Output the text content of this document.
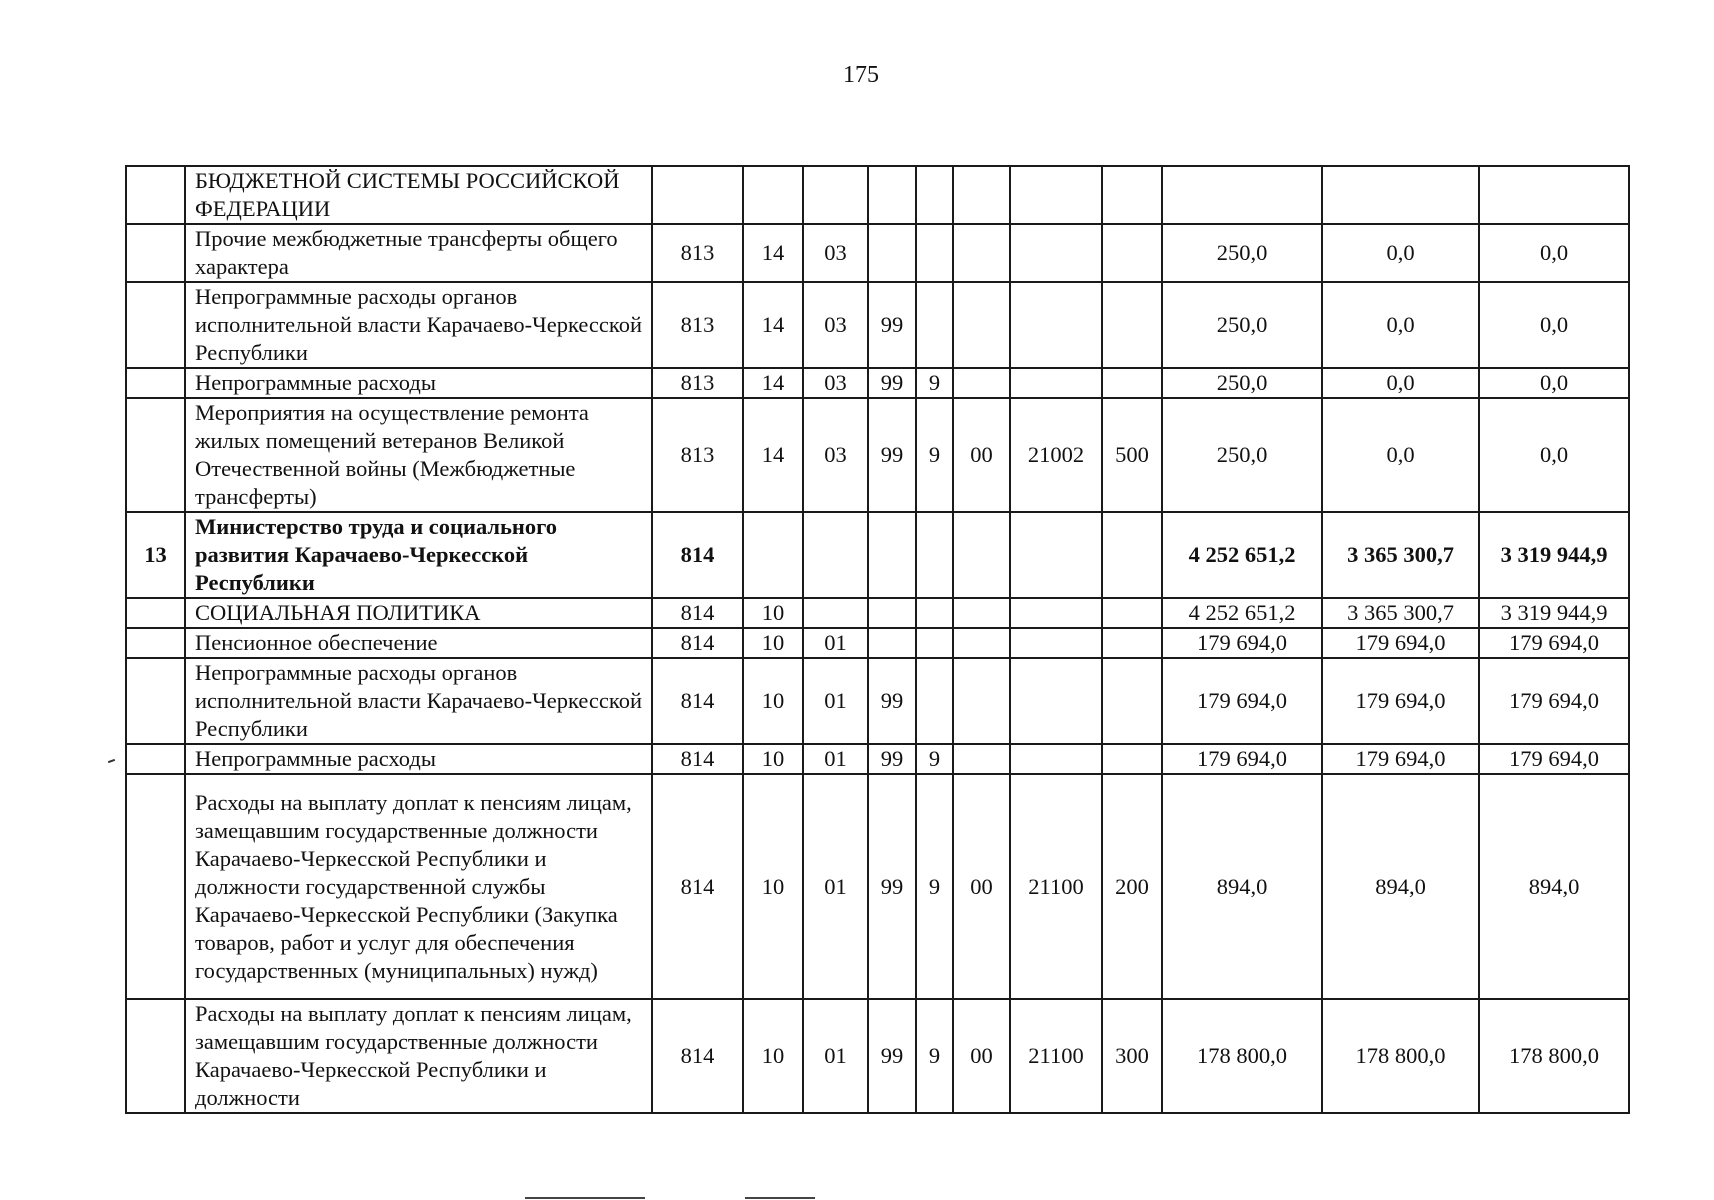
175
	БЮДЖЕТНОЙ СИСТЕМЫ РОССИЙСКОЙ ФЕДЕРАЦИИ											
	Прочие межбюджетные трансферты общего характера	813	14	03						250,0	0,0	0,0
	Непрограммные расходы органов исполнительной власти Карачаево-Черкесской Республики	813	14	03	99					250,0	0,0	0,0
	Непрограммные расходы	813	14	03	99	9				250,0	0,0	0,0
	Мероприятия на осуществление ремонта жилых помещений ветеранов Великой Отечественной войны (Межбюджетные трансферты)	813	14	03	99	9	00	21002	500	250,0	0,0	0,0
13	Министерство труда и социального развития Карачаево-Черкесской Республики	814								4 252 651,2	3 365 300,7	3 319 944,9
	СОЦИАЛЬНАЯ ПОЛИТИКА	814	10							4 252 651,2	3 365 300,7	3 319 944,9
	Пенсионное обеспечение	814	10	01						179 694,0	179 694,0	179 694,0
	Непрограммные расходы органов исполнительной власти Карачаево-Черкесской Республики	814	10	01	99					179 694,0	179 694,0	179 694,0
	Непрограммные расходы	814	10	01	99	9				179 694,0	179 694,0	179 694,0
	Расходы на выплату доплат к пенсиям лицам, замещавшим государственные должности Карачаево-Черкесской Республики и должности государственной службы Карачаево-Черкесской Республики (Закупка товаров, работ и услуг для обеспечения государственных (муниципальных) нужд)	814	10	01	99	9	00	21100	200	894,0	894,0	894,0
	Расходы на выплату доплат к пенсиям лицам, замещавшим государственные должности Карачаево-Черкесской Республики и должности	814	10	01	99	9	00	21100	300	178 800,0	178 800,0	178 800,0
